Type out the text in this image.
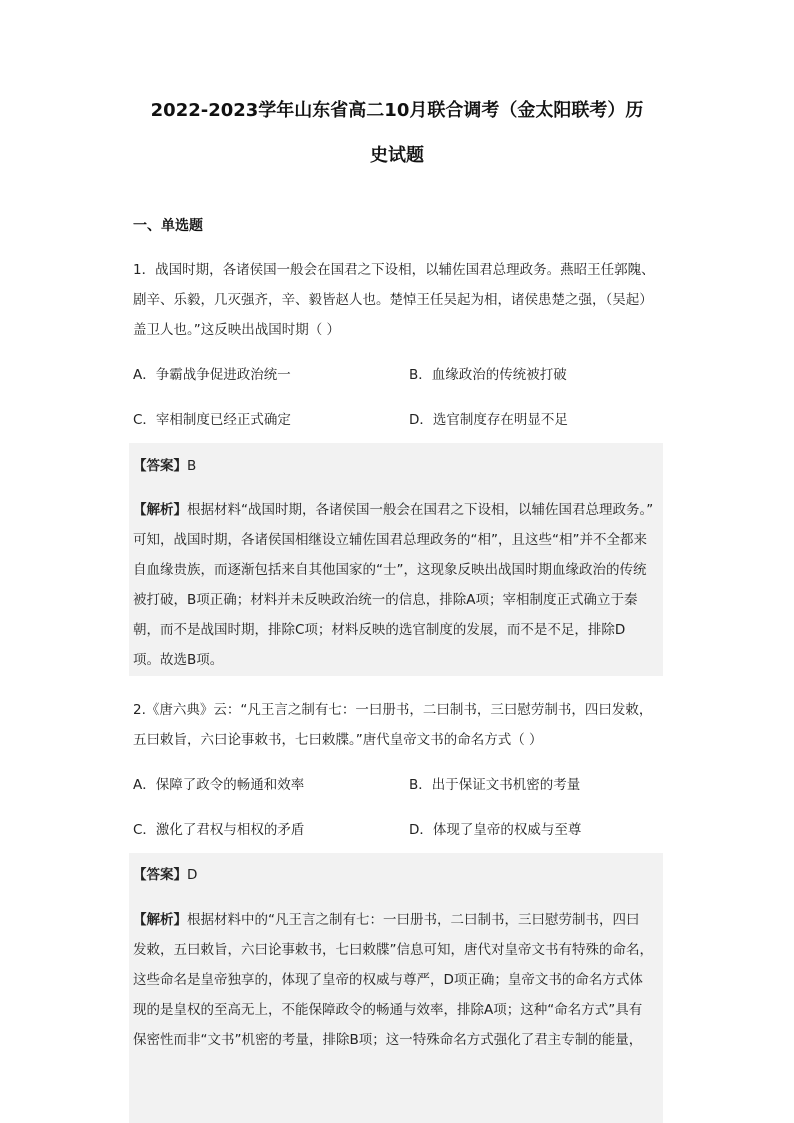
2022-2023学年山东省高二10月联合调考（金太阳联考）历
史试题
一、单选题
1．战国时期，各诸侯国一般会在国君之下设相，以辅佐国君总理政务。燕昭王任郭隗、
剧辛、乐毅，几灭强齐，辛、毅皆赵人也。楚悼王任吴起为相，诸侯患楚之强，（吴起）
盖卫人也。”这反映出战国时期（ ）
A．争霸战争促进政治统一	B．血缘政治的传统被打破
C．宰相制度已经正式确定	D．选官制度存在明显不足
【答案】B
【解析】根据材料“战国时期，各诸侯国一般会在国君之下设相，以辅佐国君总理政务。”
可知，战国时期，各诸侯国相继设立辅佐国君总理政务的“相”，且这些“相”并不全都来
自血缘贵族，而逐渐包括来自其他国家的“士”，这现象反映出战国时期血缘政治的传统
被打破，B项正确；材料并未反映政治统一的信息，排除A项；宰相制度正式确立于秦
朝，而不是战国时期，排除C项；材料反映的选官制度的发展，而不是不足，排除D
项。故选B项。
2.《唐六典》云：“凡王言之制有七：一曰册书，二曰制书，三曰慰劳制书，四曰发敕，
五曰敕旨，六曰论事敕书，七曰敕牒。”唐代皇帝文书的命名方式（ ）
A．保障了政令的畅通和效率	B．出于保证文书机密的考量
C．激化了君权与相权的矛盾	D．体现了皇帝的权威与至尊
【答案】D
【解析】根据材料中的“凡王言之制有七：一曰册书，二曰制书，三曰慰劳制书，四曰
发敕，五曰敕旨，六曰论事敕书，七曰敕牒”信息可知，唐代对皇帝文书有特殊的命名，
这些命名是皇帝独享的，体现了皇帝的权威与尊严，D项正确；皇帝文书的命名方式体
现的是皇权的至高无上，不能保障政令的畅通与效率，排除A项；这种“命名方式”具有
保密性而非“文书”机密的考量，排除B项；这一特殊命名方式强化了君主专制的能量，
